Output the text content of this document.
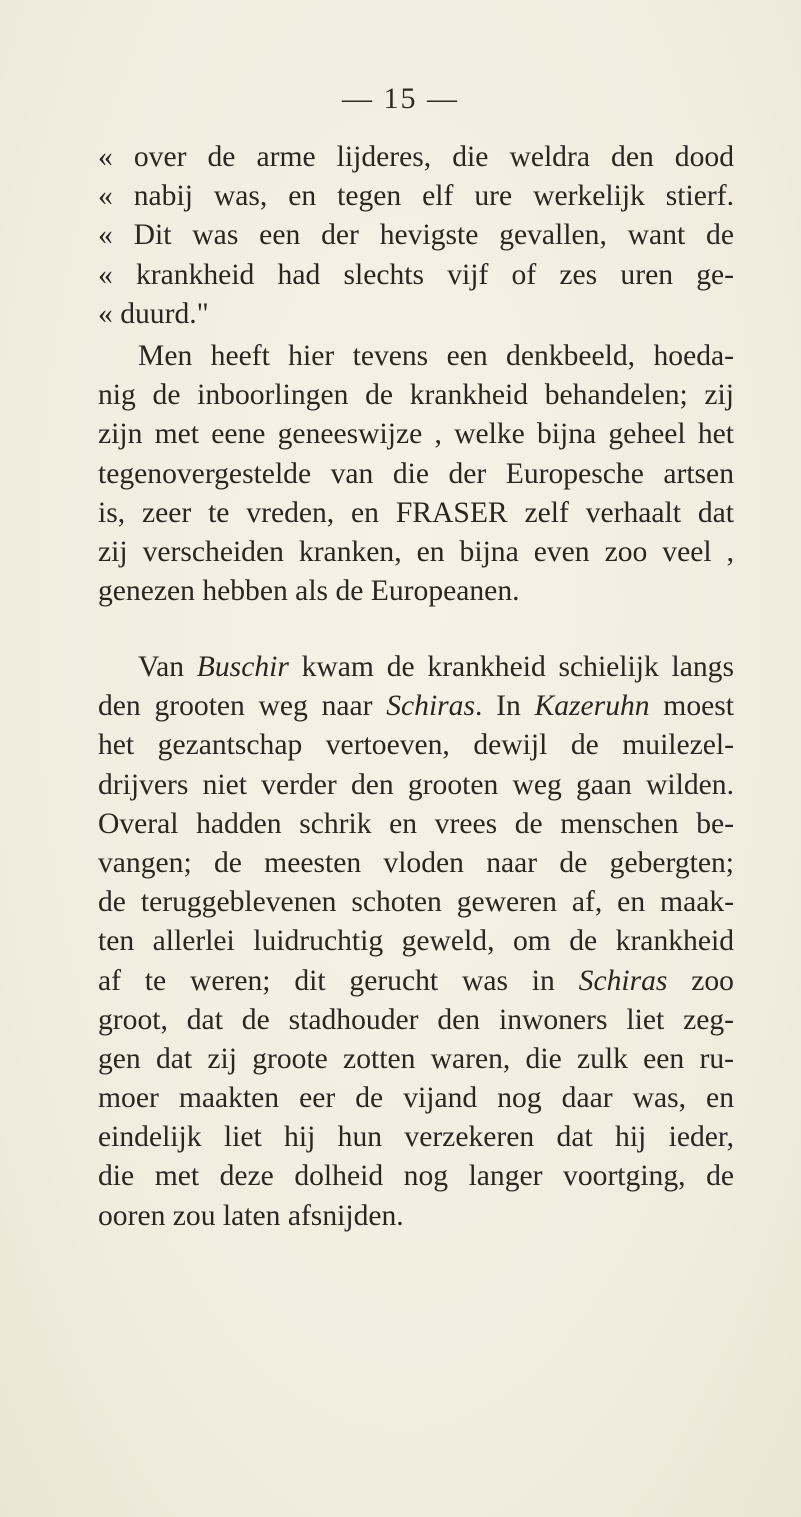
— 15 —
« over de arme lijderes, die weldra den dood
« nabij was, en tegen elf ure werkelijk stierf.
« Dit was een der hevigste gevallen, want de
« krankheid had slechts vijf of zes uren ge-
« duurd."
Men heeft hier tevens een denkbeeld, hoeda-
nig de inboorlingen de krankheid behandelen; zij
zijn met eene geneeswijze , welke bijna geheel het
tegenovergestelde van die der Europesche artsen
is, zeer te vreden, en FRASER zelf verhaalt dat
zij verscheiden kranken, en bijna even zoo veel ,
genezen hebben als de Europeanen.
Van Buschir kwam de krankheid schielijk langs
den grooten weg naar Schiras. In Kazeruhn moest
het gezantschap vertoeven, dewijl de muilezel-
drijvers niet verder den grooten weg gaan wilden.
Overal hadden schrik en vrees de menschen be-
vangen; de meesten vloden naar de gebergten;
de teruggeblevenen schoten geweren af, en maak-
ten allerlei luidruchtig geweld, om de krankheid
af te weren; dit gerucht was in Schiras zoo
groot, dat de stadhouder den inwoners liet zeg-
gen dat zij groote zotten waren, die zulk een ru-
moer maakten eer de vijand nog daar was, en
eindelijk liet hij hun verzekeren dat hij ieder,
die met deze dolheid nog langer voortging, de
ooren zou laten afsnijden.
